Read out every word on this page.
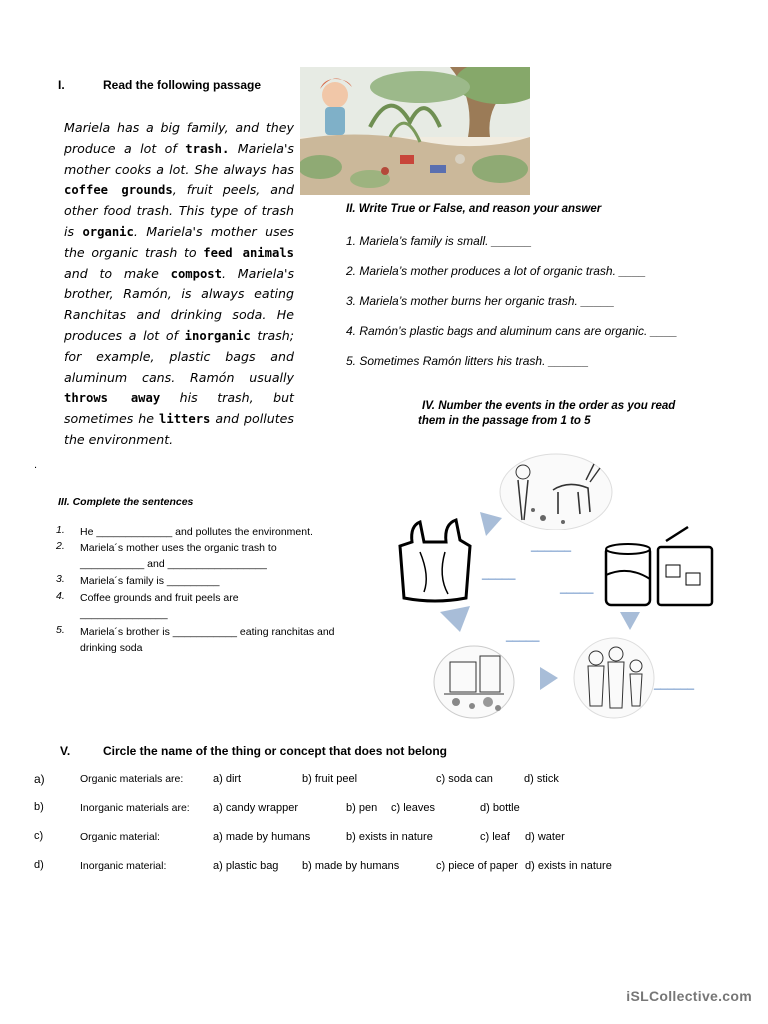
I.	Read the following passage
Mariela has a big family, and they produce a lot of trash. Mariela's mother cooks a lot. She always has coffee grounds, fruit peels, and other food trash. This type of trash is organic. Mariela's mother uses the organic trash to feed animals and to make compost. Mariela's brother, Ramón, is always eating Ranchitas and drinking soda. He produces a lot of inorganic trash; for example, plastic bags and aluminum cans. Ramón usually throws away his trash, but sometimes he litters and pollutes the environment.
II. Write True or False, and reason your answer
1. Mariela’s family is small. ______
2. Mariela’s mother produces a lot of organic trash. ____
3. Mariela’s mother burns her organic trash. _____
4. Ramón’s plastic bags and aluminum cans are organic. ____
5. Sometimes Ramón litters his trash. ______
.
III. Complete the sentences
1. He _____________ and pollutes the environment.
2. Mariela´s mother uses the organic trash to ___________ and _________________
3. Mariela´s family is _________
4. Coffee grounds and fruit peels are _______________
5. Mariela´s brother is ___________ eating ranchitas and drinking soda
IV. Number the events in the order as you read
them in the passage from 1 to 5
______
_____
_____
_____
______
V.	Circle the name of the thing or concept that does not belong
a)	Organic materials are:	a) dirt	b) fruit peel	c) soda can	d) stick
b)	Inorganic materials are: a) candy wrapper	b) pen c) leaves	d) bottle
c)	Organic material:	a) made by humans	b) exists in nature	c) leaf d) water
d)	Inorganic material:	a) plastic bag b) made by humans	c) piece of paper d) exists in nature
iSLCollective.com
